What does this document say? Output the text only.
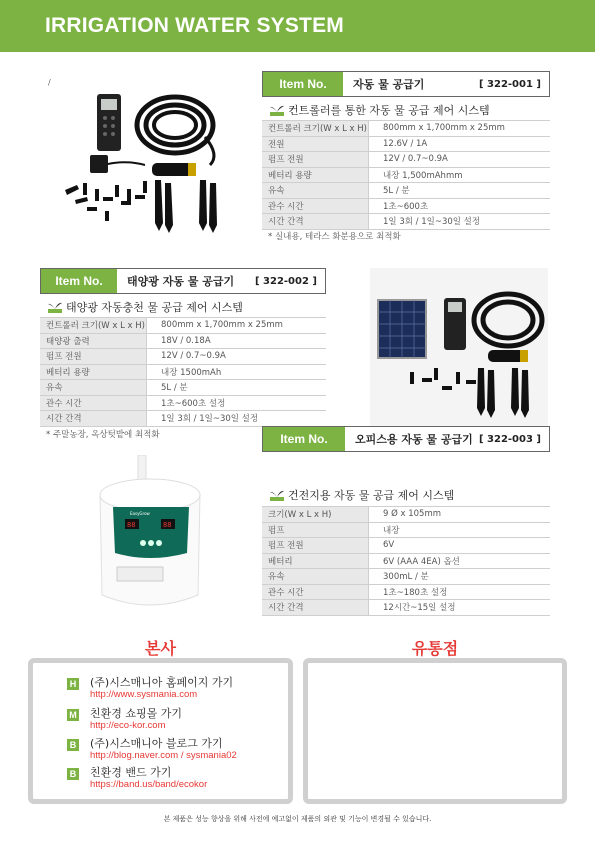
IRRIGATION WATER SYSTEM
/	Item No.	자동 물 공급기	[ 322-001 ]
컨트롤러를 통한 자동 물 공급 제어 시스템
컨트롤러 크기(W x L x H)	800mm x 1,700mm x 25mm
전원	12.6V / 1A
펌프 전원	12V / 0.7~0.9A
베터리 용량	내장 1,500mAhmm
유속	5L / 분
관수 시간	1초~600초
시간 간격	1일 3회 / 1일~30일 설정
* 실내용, 테라스 화분용으로 최적화
Item No.	태양광 자동 물 공급기	[ 322-002 ]
태양광 자동충천 물 공급 제어 시스템
컨트롤러 크기(W x L x H)	800mm x 1,700mm x 25mm
태양광 출력	18V / 0.18A
펌프 전원	12V / 0.7~0.9A
베터리 용량	내장 1500mAh
유속	5L / 분
관수 시간	1초~600초 설정
시간 간격	1일 3회 / 1일~30일 설정
* 주말농장, 옥상텃밭에 최적화
EasyGrow
88	88
Item No.	오피스용 자동 물 공급기 [ 322-003 ]
건전지용 자동 물 공급 제어 시스템
크기(W x L x H)	9 Ø x 105mm
펌프	내장
펌프 전원	6V
베터리	6V (AAA 4EA) 옵션
유속	300mL / 분
관수 시간	1초~180초 설정
시간 간격	12시간~15일 설정
본사
H (주)시스매니아 홈페이지 가기
http://www.sysmania.com
M 친환경 쇼핑몰 가기
http://eco-kor.com
B (주)시스매니아 블로그 가기
http://blog.naver.com / sysmania02
B 친환경 밴드 가기
https://band.us/band/ecokor
유통점
본 제품은 성능 향상을 위해 사전에 예고없이 제품의 외관 및 기능이 변경될 수 있습니다.
